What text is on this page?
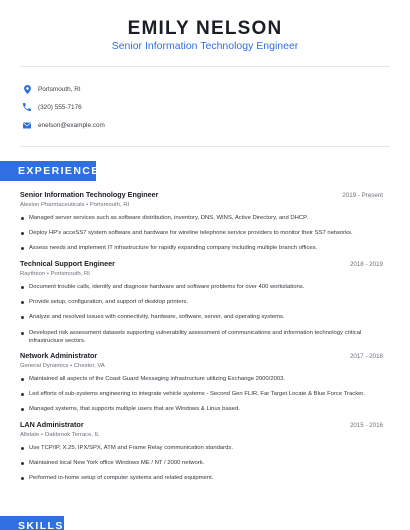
EMILY NELSON
Senior Information Technology Engineer
Portsmouth, RI
(320) 555-7176
enelson@example.com
EXPERIENCE
Senior Information Technology Engineer	2019 - Present
Alexion Pharmaceuticals • Portsmouth, RI
Managed server services such as software distribution, inventory, DNS, WINS, Active Directory, and DHCP.
Deploy HP's acceSS7 system software and hardware for wireline telephone service providers to monitor their SS7 networks.
Assess needs and implement IT infrastructure for rapidly expanding company including multiple branch offices.
Technical Support Engineer	2018 - 2019
Raytheon • Portsmouth, RI
Document trouble calls, identify and diagnose hardware and software problems for over 400 workstations.
Provide setup, configuration, and support of desktop printers.
Analyze and resolved issues with connectivity, hardware, software, server, and operating systems.
Developed risk assessment datasets supporting vulnerability assessment of communications and information technology critical infrastructure sectors.
Network Administrator	2017 - 2018
General Dynamics • Chester, VA
Maintained all aspects of the Coast Guard Messaging infrastructure utilizing Exchange 2000/2003.
Led efforts of sub-systems engineering to integrate vehicle systems - Second Gen FLIR, Far Target Locate & Blue Force Tracker.
Managed systems, that supports multiple users that are Windows & Linux based.
LAN Administrator	2015 - 2016
Allstate • Oakbrook Terrace, IL
Use TCP/IP, X.25, IPX/SPX, ATM and Frame Relay communication standards.
Maintained local New York office Windows ME / NT / 2000 network.
Performed in-home setup of computer systems and related equipment.
SKILLS
